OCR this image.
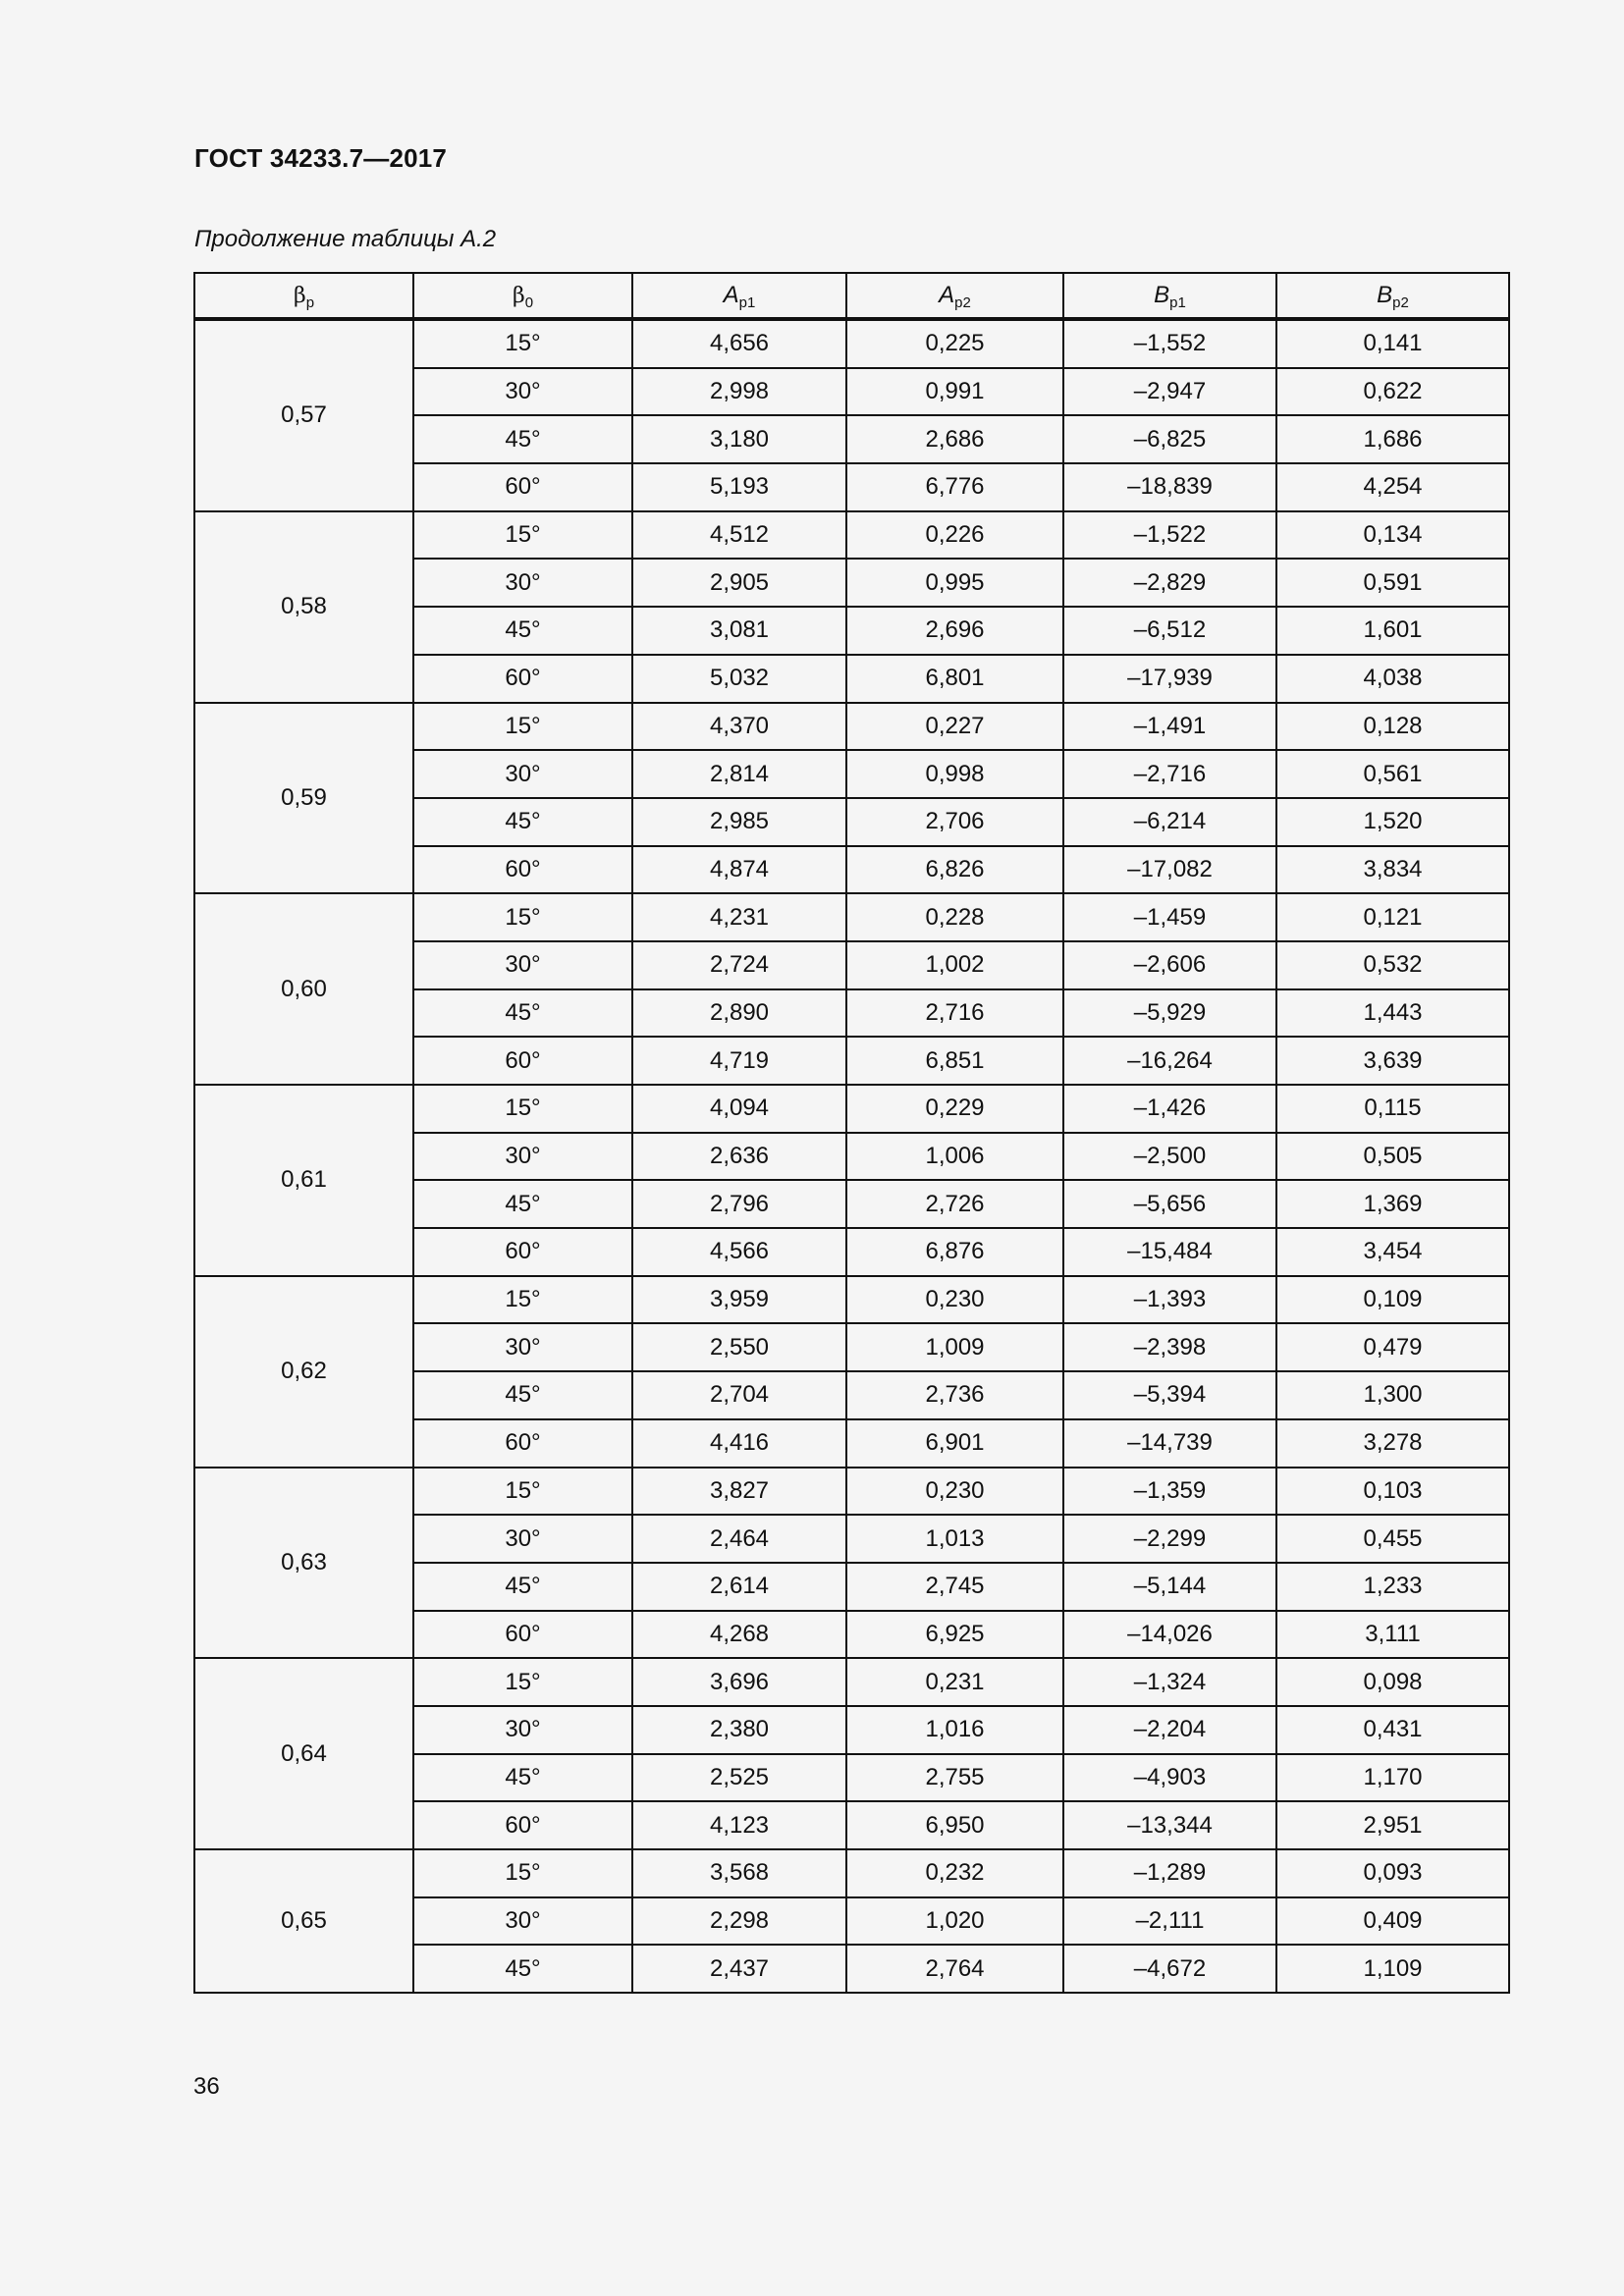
ГОСТ 34233.7—2017
Продолжение таблицы А.2
$\beta_p$	$\beta_0$	$A_{p1}$	$A_{p2}$	$B_{p1}$	$B_{p2}$
0,57	15°	4,656	0,225	–1,552	0,141
	30°	2,998	0,991	–2,947	0,622
	45°	3,180	2,686	–6,825	1,686
	60°	5,193	6,776	–18,839	4,254
0,58	15°	4,512	0,226	–1,522	0,134
	30°	2,905	0,995	–2,829	0,591
	45°	3,081	2,696	–6,512	1,601
	60°	5,032	6,801	–17,939	4,038
0,59	15°	4,370	0,227	–1,491	0,128
	30°	2,814	0,998	–2,716	0,561
	45°	2,985	2,706	–6,214	1,520
	60°	4,874	6,826	–17,082	3,834
0,60	15°	4,231	0,228	–1,459	0,121
	30°	2,724	1,002	–2,606	0,532
	45°	2,890	2,716	–5,929	1,443
	60°	4,719	6,851	–16,264	3,639
0,61	15°	4,094	0,229	–1,426	0,115
	30°	2,636	1,006	–2,500	0,505
	45°	2,796	2,726	–5,656	1,369
	60°	4,566	6,876	–15,484	3,454
0,62	15°	3,959	0,230	–1,393	0,109
	30°	2,550	1,009	–2,398	0,479
	45°	2,704	2,736	–5,394	1,300
	60°	4,416	6,901	–14,739	3,278
0,63	15°	3,827	0,230	–1,359	0,103
	30°	2,464	1,013	–2,299	0,455
	45°	2,614	2,745	–5,144	1,233
	60°	4,268	6,925	–14,026	3,111
0,64	15°	3,696	0,231	–1,324	0,098
	30°	2,380	1,016	–2,204	0,431
	45°	2,525	2,755	–4,903	1,170
	60°	4,123	6,950	–13,344	2,951
0,65	15°	3,568	0,232	–1,289	0,093
	30°	2,298	1,020	–2,111	0,409
	45°	2,437	2,764	–4,672	1,109
36
